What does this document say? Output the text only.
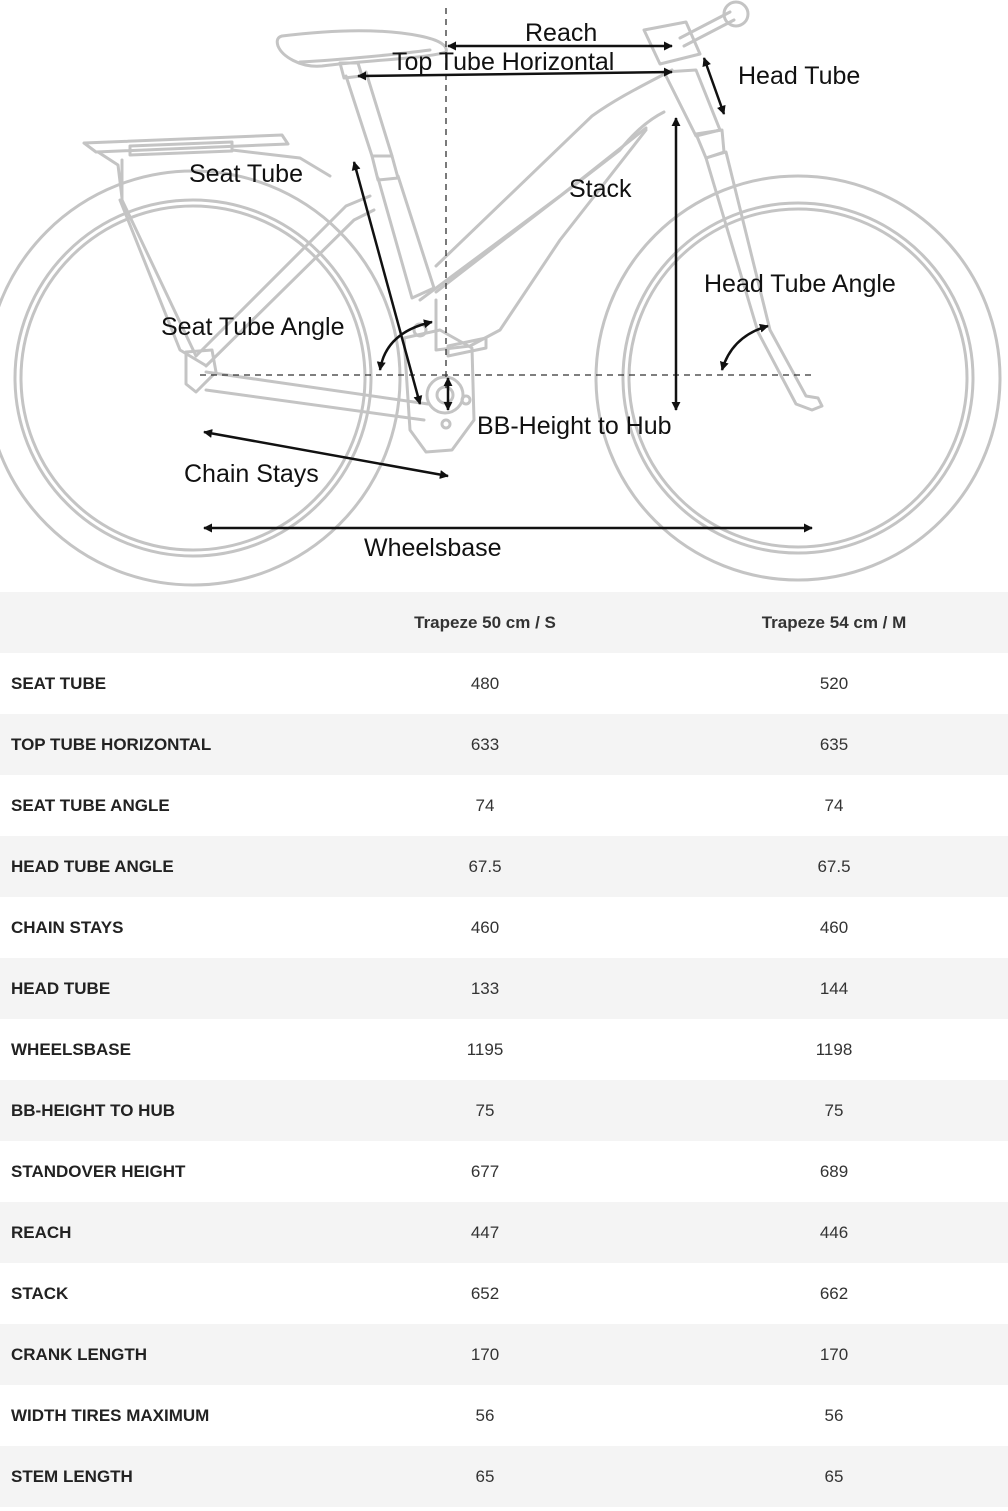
Reach
Top Tube Horizontal	Head Tube
Seat Tube
Stack
Head Tube Angle
Seat Tube Angle
BB-Height to Hub
Chain Stays
Wheelsbase
	Trapeze 50 cm / S	Trapeze 54 cm / M
SEAT TUBE	480	520
TOP TUBE HORIZONTAL	633	635
SEAT TUBE ANGLE	74	74
HEAD TUBE ANGLE	67.5	67.5
CHAIN STAYS	460	460
HEAD TUBE	133	144
WHEELSBASE	1195	1198
BB-HEIGHT TO HUB	75	75
STANDOVER HEIGHT	677	689
REACH	447	446
STACK	652	662
CRANK LENGTH	170	170
WIDTH TIRES MAXIMUM	56	56
STEM LENGTH	65	65
